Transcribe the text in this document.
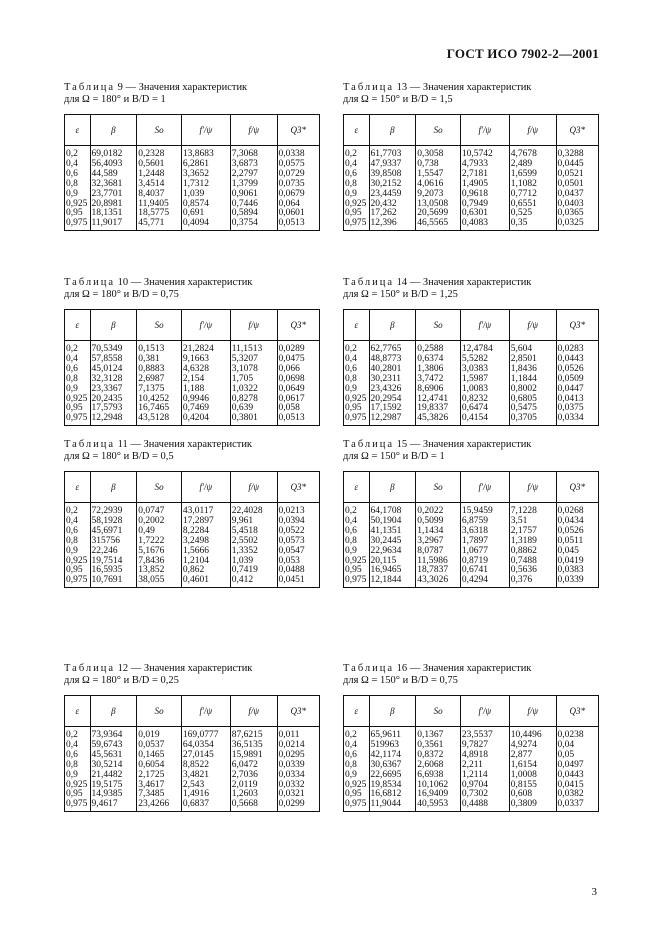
ГОСТ ИСО 7902-2—2001
Таблица 9 — Значения характеристик
для Ω = 180° и B/D = 1
ε	β	So	f'/ψ	f/ψ	Q3*
0,2	69,0182	0,2328	13,8683	7,3068	0,0338
0,4	56,4093	0,5601	6,2861	3,6873	0,0575
0,6	44,589	1,2448	3,3652	2,2797	0,0729
0,8	32,3681	3,4514	1,7312	1,3799	0,0735
0,9	23,7701	8,4037	1,039	0,9061	0,0679
0,925	20,8981	11,9405	0,8574	0,7446	0,064
0,95	18,1351	18,5775	0,691	0,5894	0,0601
0,975	11,9017	45,771	0,4094	0,3754	0,0513
Таблица 13 — Значения характеристик
для Ω = 150° и B/D = 1,5
ε	β	So	f'/ψ	f/ψ	Q3*
0,2	61,7703	0,3058	10,5742	4,7678	0,3288
0,4	47,9337	0,738	4,7933	2,489	0,0445
0,6	39,8508	1,5547	2,7181	1,6599	0,0521
0,8	30,2152	4,0616	1,4905	1,1082	0,0501
0,9	23,4459	9,2073	0,9618	0,7712	0,0437
0,925	20,432	13,0508	0,7949	0,6551	0,0403
0,95	17,262	20,5699	0,6301	0,525	0,0365
0,975	12,396	46,5565	0,4083	0,35	0,0325
Таблица 10 — Значения характеристик
для Ω = 180° и B/D = 0,75
ε	β	So	f'/ψ	f/ψ	Q3*
0,2	70,5349	0,1513	21,2824	11,1513	0,0289
0,4	57,8558	0,381	9,1663	5,3207	0,0475
0,6	45,0124	0,8883	4,6328	3,1078	0,066
0,8	32,3128	2,6987	2,154	1,705	0,0698
0,9	23,3367	7,1375	1,188	1,0322	0,0649
0,925	20,2435	10,4252	0,9946	0,8278	0,0617
0,95	17,5793	16,7465	0,7469	0,639	0,058
0,975	12,2948	43,5128	0,4204	0,3801	0,0513
Таблица 14 — Значения характеристик
для Ω = 150° и B/D = 1,25
ε	β	So	f'/ψ	f/ψ	Q3*
0,2	62,7765	0,2588	12,4784	5,604	0,0283
0,4	48,8773	0,6374	5,5282	2,8501	0,0443
0,6	40,2801	1,3806	3,0383	1,8436	0,0526
0,8	30,2311	3,7472	1,5987	1,1844	0,0509
0,9	23,4326	8,6906	1,0083	0,8002	0,0447
0,925	20,2954	12,4741	0,8232	0,6805	0,0413
0,95	17,1592	19,8337	0,6474	0,5475	0,0375
0,975	12,2987	45,3826	0,4154	0,3705	0,0334
Таблица 11 — Значения характеристик
для Ω = 180° и B/D = 0,5
ε	β	So	f'/ψ	f/ψ	Q3*
0,2	72,2939	0,0747	43,0117	22,4028	0,0213
0,4	58,1928	0,2002	17,2897	9,961	0,0394
0,6	45,6971	0,49	8,2284	5,4518	0,0522
0,8	315756	1,7222	3,2498	2,5502	0,0573
0,9	22,246	5,1676	1,5666	1,3352	0,0547
0,925	19,7514	7,8436	1,2104	1,039	0,053
0,95	16,5935	13,852	0,862	0,7419	0,0488
0,975	10,7691	38,055	0,4601	0,412	0,0451
Таблица 15 — Значения характеристик
для Ω = 150° и B/D = 1
ε	β	So	f'/ψ	f/ψ	Q3*
0,2	64,1708	0,2022	15,9459	7,1228	0,0268
0,4	50,1904	0,5099	6,8759	3,51	0,0434
0,6	41,1351	1,1434	3,6318	2,1757	0,0526
0,8	30,2445	3,2967	1,7897	1,3189	0,0511
0,9	22,9634	8,0787	1,0677	0,8862	0,045
0,925	20,115	11,5986	0,8719	0,7488	0,0419
0,95	16,9465	18,7837	0,6741	0,5636	0,0383
0,975	12,1844	43,3026	0,4294	0,376	0,0339
Таблица 12 — Значения характеристик
для Ω = 180° и B/D = 0,25
ε	β	So	f'/ψ	f/ψ	Q3*
0,2	73,9364	0,019	169,0777	87,6215	0,011
0,4	59,6743	0,0537	64,0354	36,5135	0,0214
0,6	45,5631	0,1465	27,0145	15,9891	0,0295
0,8	30,5214	0,6054	8,8522	6,0472	0,0339
0,9	21,4482	2,1725	3,4821	2,7036	0,0334
0,925	19,5175	3,4617	2,543	2,0119	0,0332
0,95	14,9385	7,3485	1,4916	1,2603	0,0321
0,975	9,4617	23,4266	0,6837	0,5668	0,0299
Таблица 16 — Значения характеристик
для Ω = 150° и B/D = 0,75
ε	β	So	f'/ψ	f/ψ	Q3*
0,2	65,9611	0,1367	23,5537	10,4496	0,0238
0,4	519963	0,3561	9,7827	4,9274	0,04
0,6	42,1174	0,8372	4,8918	2,877	0,05
0,8	30,6367	2,6068	2,211	1,6154	0,0497
0,9	22,6695	6,6938	1,2114	1,0008	0,0443
0,925	19,8534	10,1062	0,9704	0,8155	0,0415
0,95	16,6812	16,9409	0,7302	0,608	0,0382
0,975	11,9044	40,5953	0,4488	0,3809	0,0337
3
